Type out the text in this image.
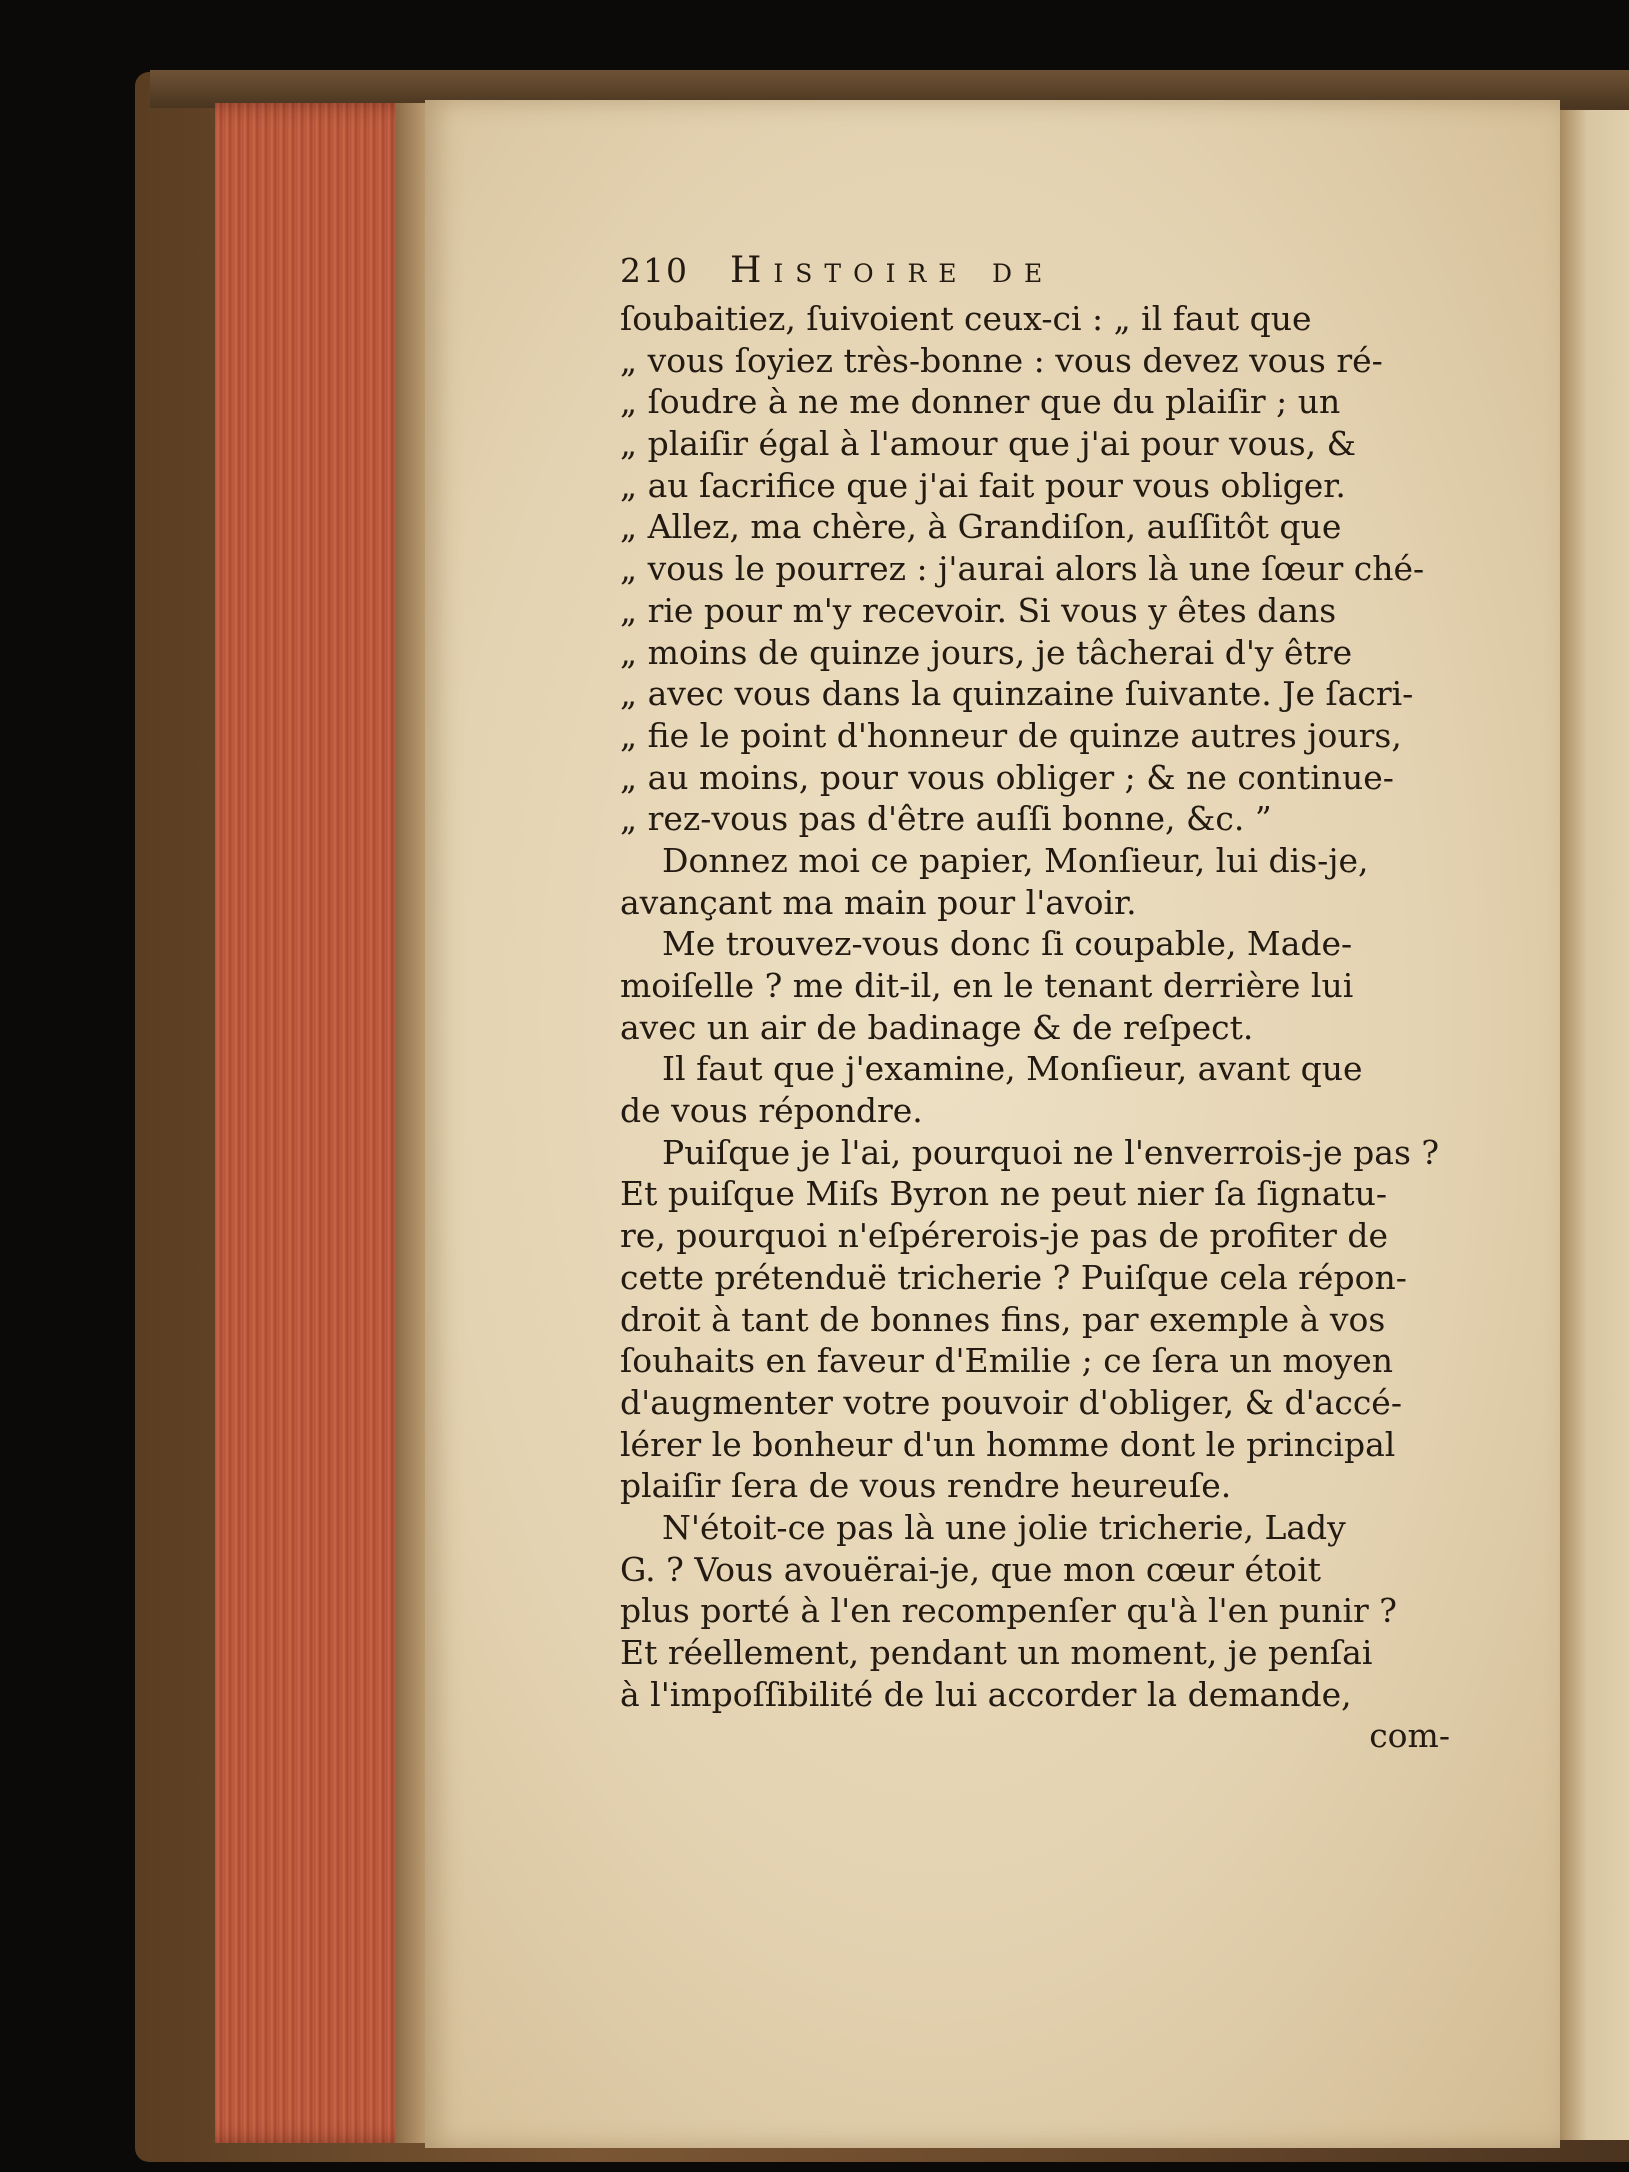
210	Histoire de
ſoubaitiez, ſuivoient ceux-ci : „ il faut que
„ vous ſoyiez très-bonne : vous devez vous ré-
„ ſoudre à ne me donner que du plaiſir ; un
„ plaiſir égal à l'amour que j'ai pour vous, &
„ au ſacrifice que j'ai fait pour vous obliger.
„ Allez, ma chère, à Grandiſon, auſſitôt que
„ vous le pourrez : j'aurai alors là une ſœur ché-
„ rie pour m'y recevoir. Si vous y êtes dans
„ moins de quinze jours, je tâcherai d'y être
„ avec vous dans la quinzaine ſuivante. Je ſacri-
„ fie le point d'honneur de quinze autres jours,
„ au moins, pour vous obliger ; & ne continue-
„ rez-vous pas d'être auſſi bonne, &c. ”
Donnez moi ce papier, Monſieur, lui dis-je,
avançant ma main pour l'avoir.
Me trouvez-vous donc ſi coupable, Made-
moiſelle ? me dit-il, en le tenant derrière lui
avec un air de badinage & de reſpect.
Il faut que j'examine, Monſieur, avant que
de vous répondre.
Puiſque je l'ai, pourquoi ne l'enverrois-je pas ?
Et puiſque Miſs Byron ne peut nier ſa ſignatu-
re, pourquoi n'eſpérerois-je pas de profiter de
cette prétenduë tricherie ? Puiſque cela répon-
droit à tant de bonnes fins, par exemple à vos
ſouhaits en faveur d'Emilie ; ce ſera un moyen
d'augmenter votre pouvoir d'obliger, & d'accé-
lérer le bonheur d'un homme dont le principal
plaiſir ſera de vous rendre heureuſe.
N'étoit-ce pas là une jolie tricherie, Lady
G. ? Vous avouërai-je, que mon cœur étoit
plus porté à l'en recompenſer qu'à l'en punir ?
Et réellement, pendant un moment, je penſai
à l'impoſſibilité de lui accorder la demande,
com-
